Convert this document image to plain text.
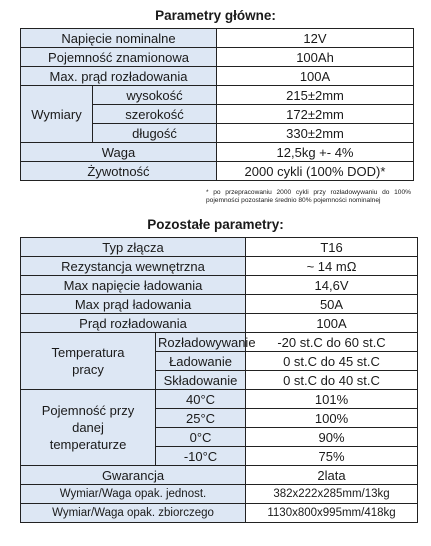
Parametry główne:
Napięcie nominalne		12V
Pojemność znamionowa		100Ah
Max. prąd rozładowania		100A
Wymiary	wysokość	215±2mm
	szerokość	172±2mm
	długość	330±2mm
Waga		12,5kg +- 4%
Żywotność		2000 cykli (100% DOD)*
* po przepracowaniu 2000 cykli przy rozładowywaniu do 100% pojemności pozostanie średnio 80% pojemności nominalnej
Pozostałe parametry:
Typ złącza		T16
Rezystancja wewnętrzna		~ 14 mΩ
Max napięcie ładowania		14,6V
Max prąd ładowania		50A
Prąd rozładowania		100A

Temperatura pracy	Rozładowywanie	-20 st.C do 60 st.C
	Ładowanie	0 st.C do 45 st.C
	Składowanie	0 st.C do 40 st.C

Pojemność przy danej temperaturze	40°C	101%
	25°C	100%
	0°C	90%
	-10°C	75%
Gwarancja		2lata
Wymiar/Waga opak. jednost.		382x222x285mm/13kg
Wymiar/Waga opak. zbiorczego		1130x800x995mm/418kg
